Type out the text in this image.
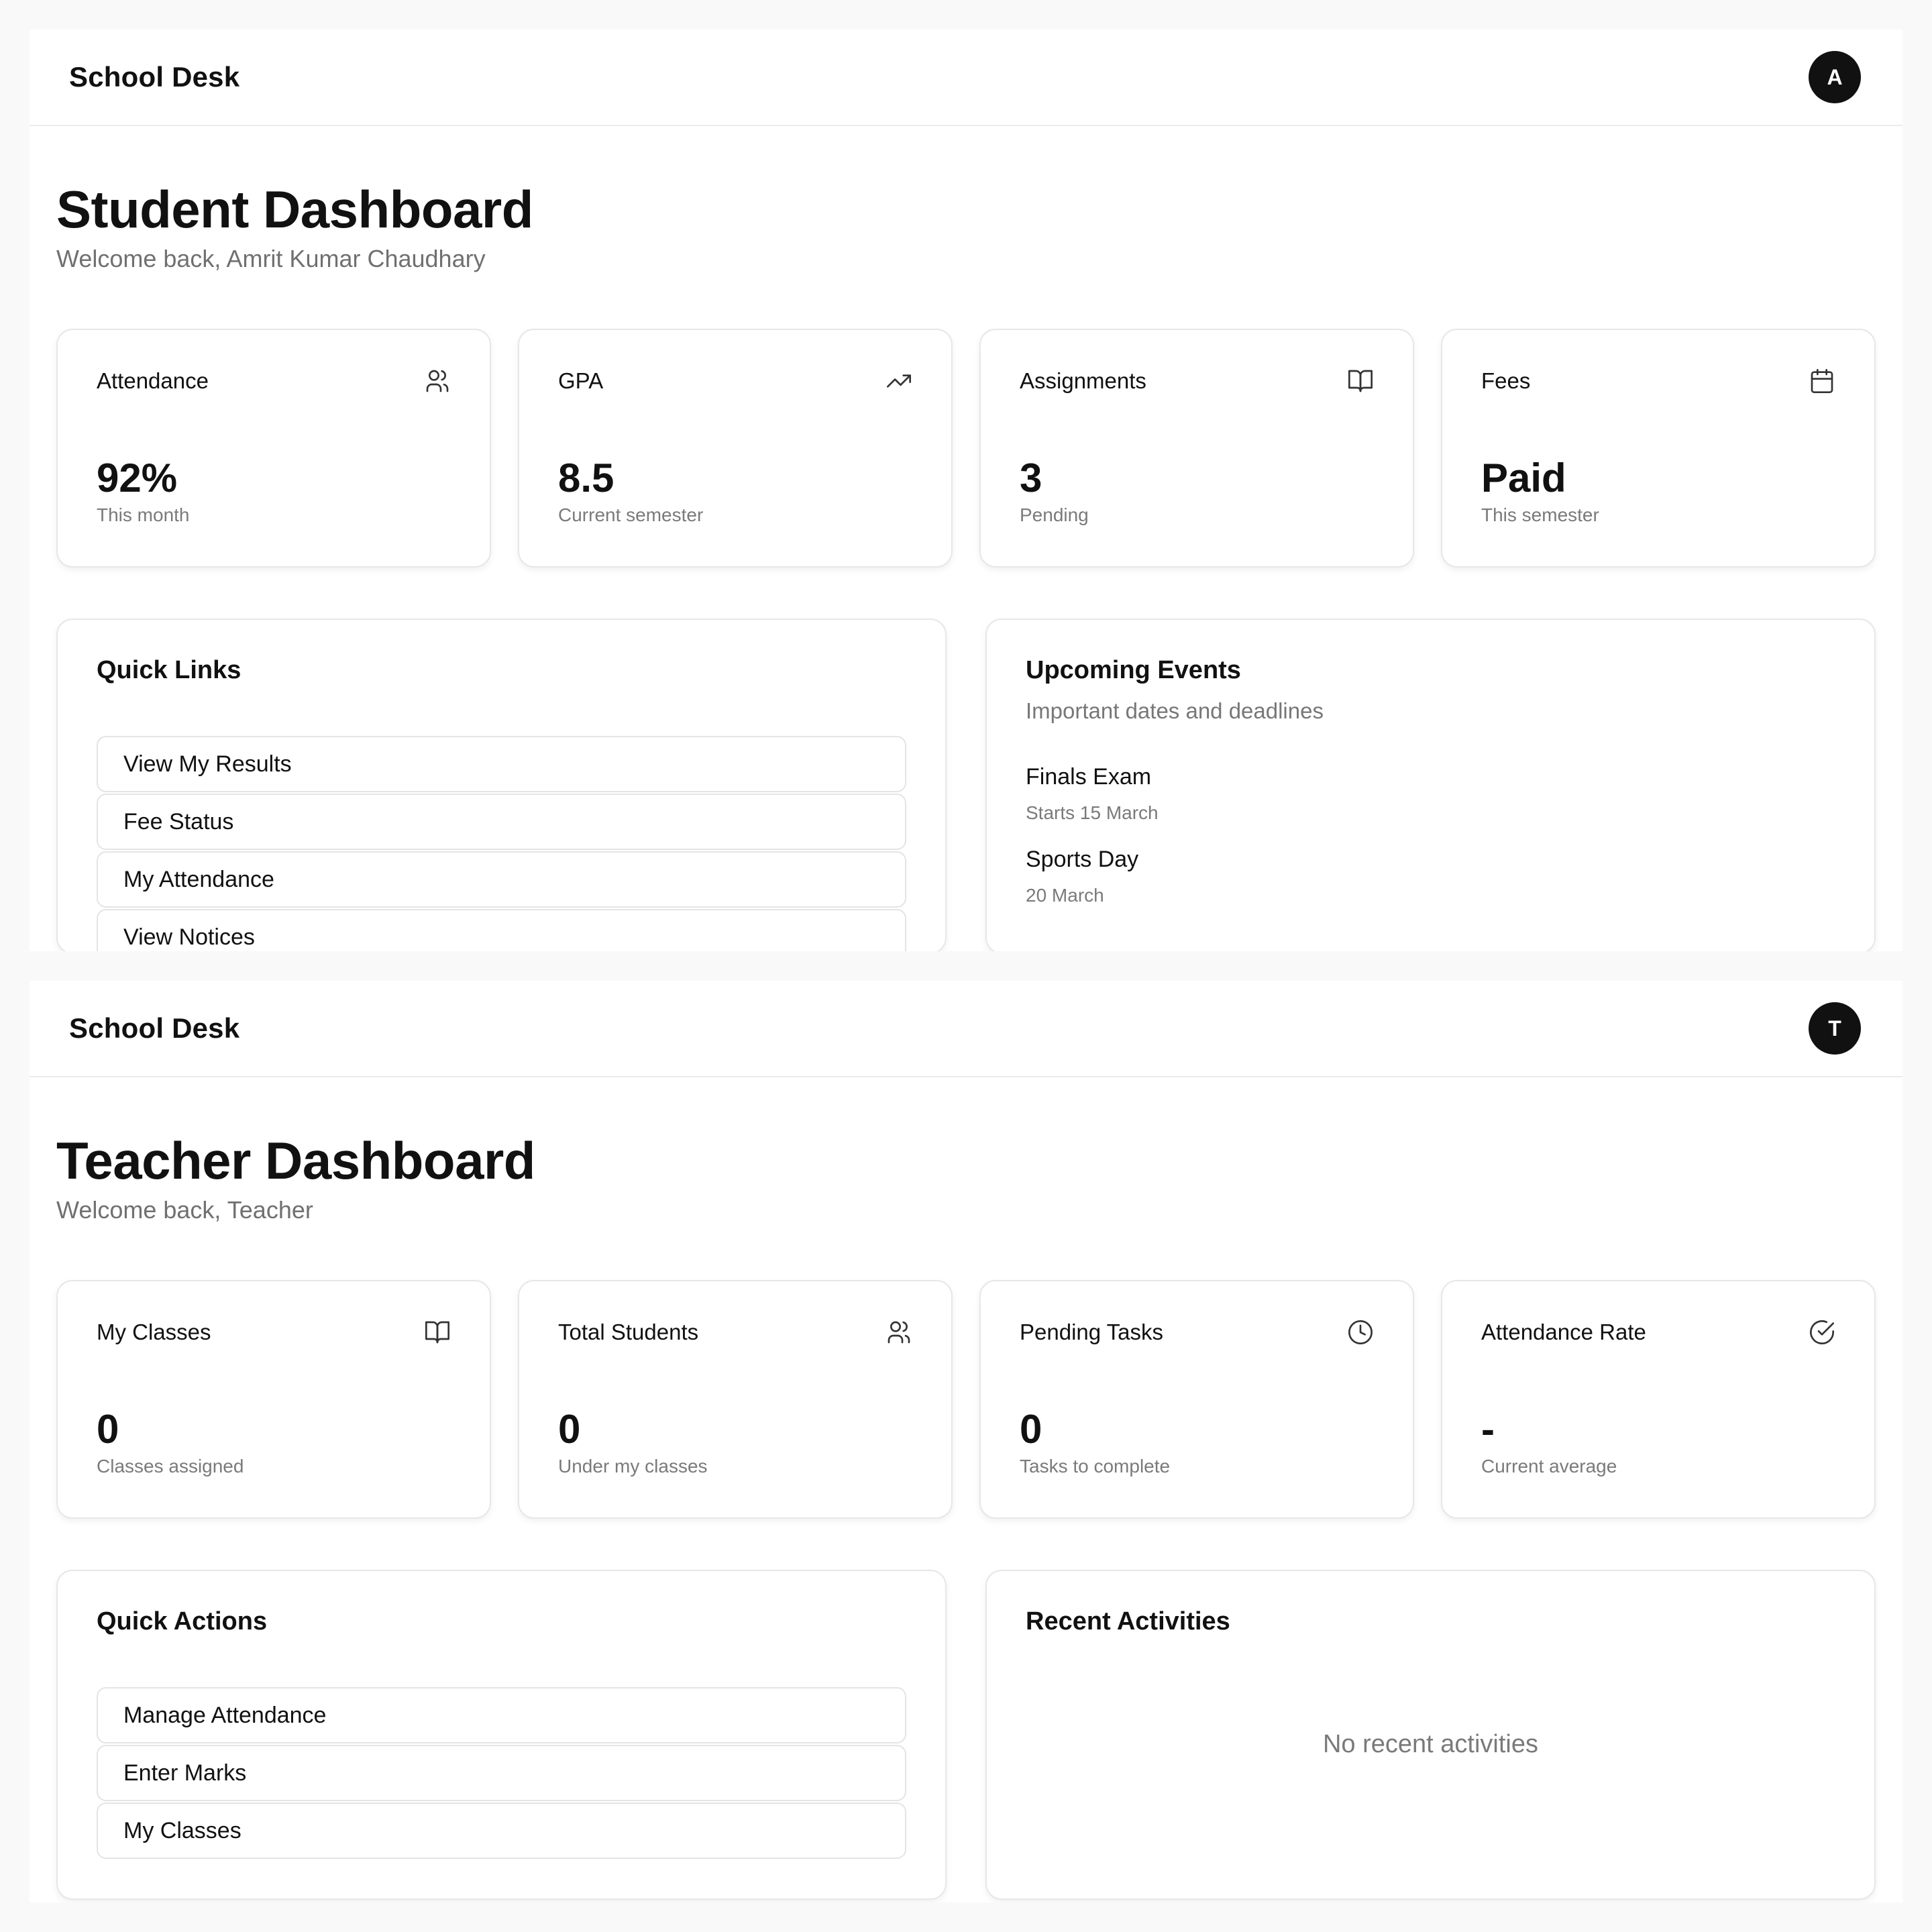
School Desk	A
Student Dashboard
Welcome back, Amrit Kumar Chaudhary
Attendance
92%
This month
GPA
8.5
Current semester
Assignments
3
Pending
Fees
Paid
This semester
Quick Links
View My Results
Fee Status
My Attendance
View Notices
Upcoming Events
Important dates and deadlines
Finals Exam
Starts 15 March
Sports Day
20 March
School Desk	T
Teacher Dashboard
Welcome back, Teacher
My Classes
0
Classes assigned
Total Students
0
Under my classes
Pending Tasks
0
Tasks to complete
Attendance Rate
-
Current average
Quick Actions
Manage Attendance
Enter Marks
My Classes
Recent Activities
No recent activities
